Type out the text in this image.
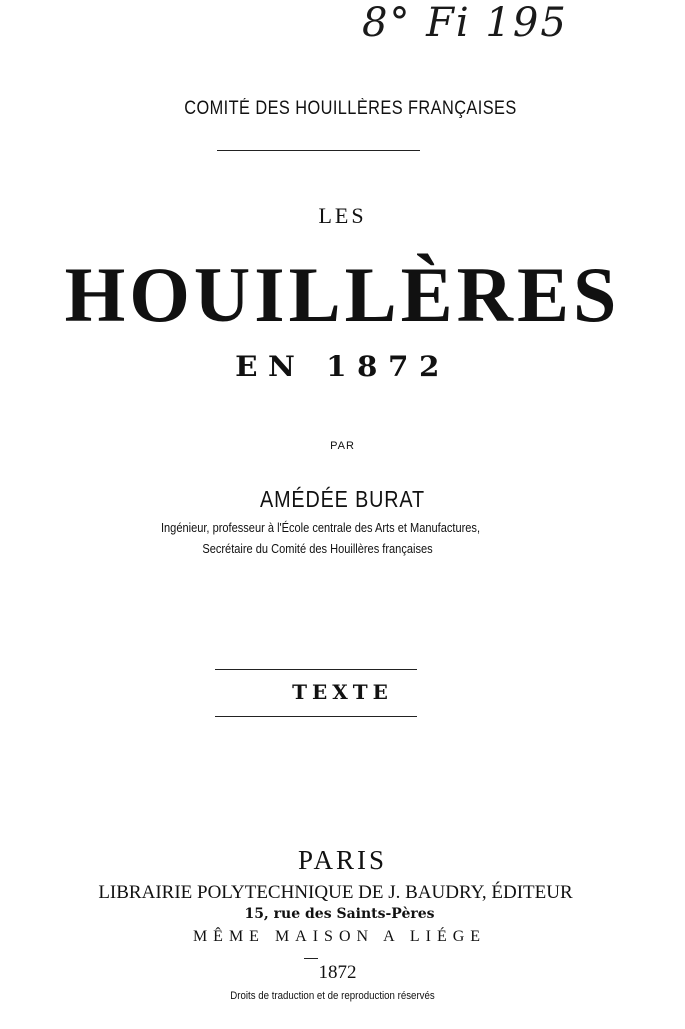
8° Fi 195
COMITÉ DES HOUILLÈRES FRANÇAISES
LES
HOUILLÈRES
EN 1872
PAR
AMÉDÉE BURAT
Ingénieur, professeur à l'École centrale des Arts et Manufactures,
Secrétaire du Comité des Houillères françaises
TEXTE
PARIS
LIBRAIRIE POLYTECHNIQUE DE J. BAUDRY, ÉDITEUR
15, rue des Saints-Pères
MÊME MAISON A LIÉGE
1872
Droits de traduction et de reproduction réservés
